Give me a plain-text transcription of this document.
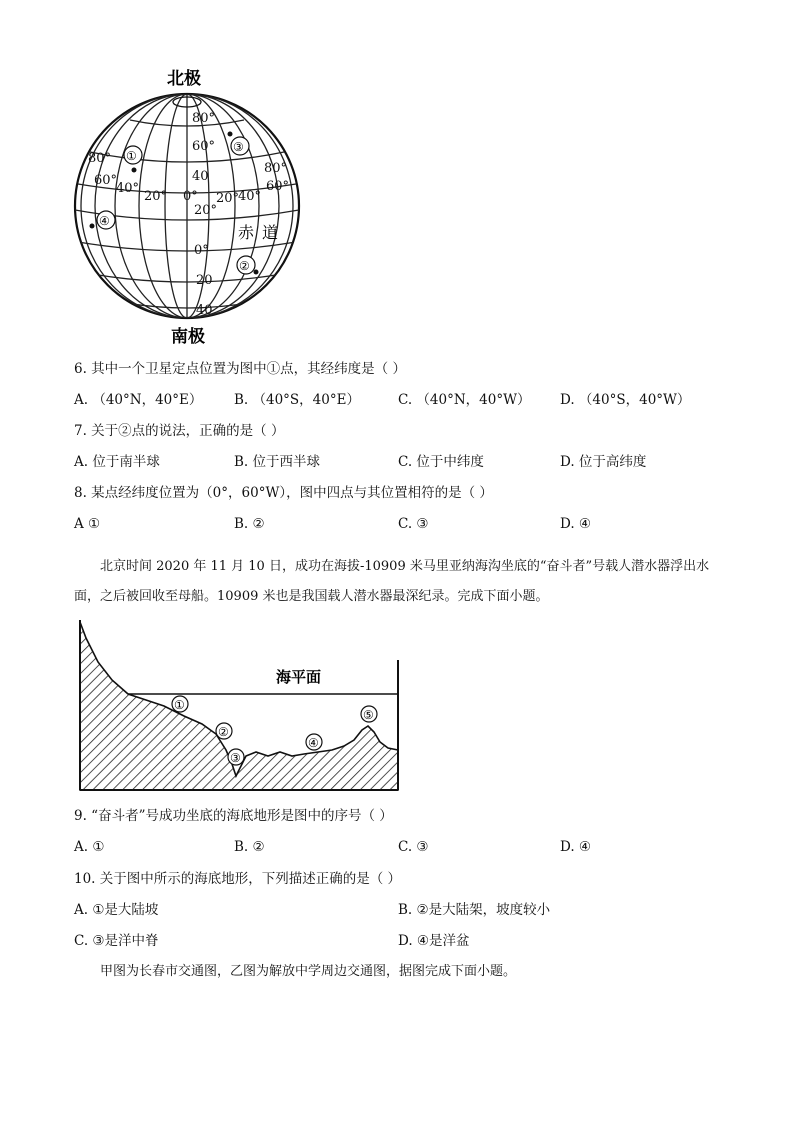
北极
80°
60°
40
20°
0°
20
40
80°
60°
40°
20° 0° 20°
40°
80°
60°
①
③
④
②
赤道
南极
6. 其中一个卫星定点位置为图中①点，其经纬度是（ ）
A. （40°N，40°E） B. （40°S，40°E）	C. （40°N，40°W） D. （40°S，40°W）
7. 关于②点的说法，正确的是（ ）
A. 位于南半球	B. 位于西半球	C. 位于中纬度	D. 位于高纬度
8. 某点经纬度位置为（0°，60°W），图中四点与其位置相符的是（ ）
A ①	B. ②	C. ③	D. ④
北京时间 2020 年 11 月 10 日，成功在海拔-10909 米马里亚纳海沟坐底的“奋斗者”号载人潜水器浮出水面，之后被回收至母船。10909 米也是我国载人潜水器最深纪录。完成下面小题。
海平面
①
②
③
④
⑤
9. “奋斗者”号成功坐底的海底地形是图中的序号（ ）
A. ①	B. ②	C. ③	D. ④
10. 关于图中所示的海底地形，下列描述正确的是（ ）
A. ①是大陆坡	B. ②是大陆架，坡度较小
C. ③是洋中脊	D. ④是洋盆
甲图为长春市交通图，乙图为解放中学周边交通图，据图完成下面小题。
